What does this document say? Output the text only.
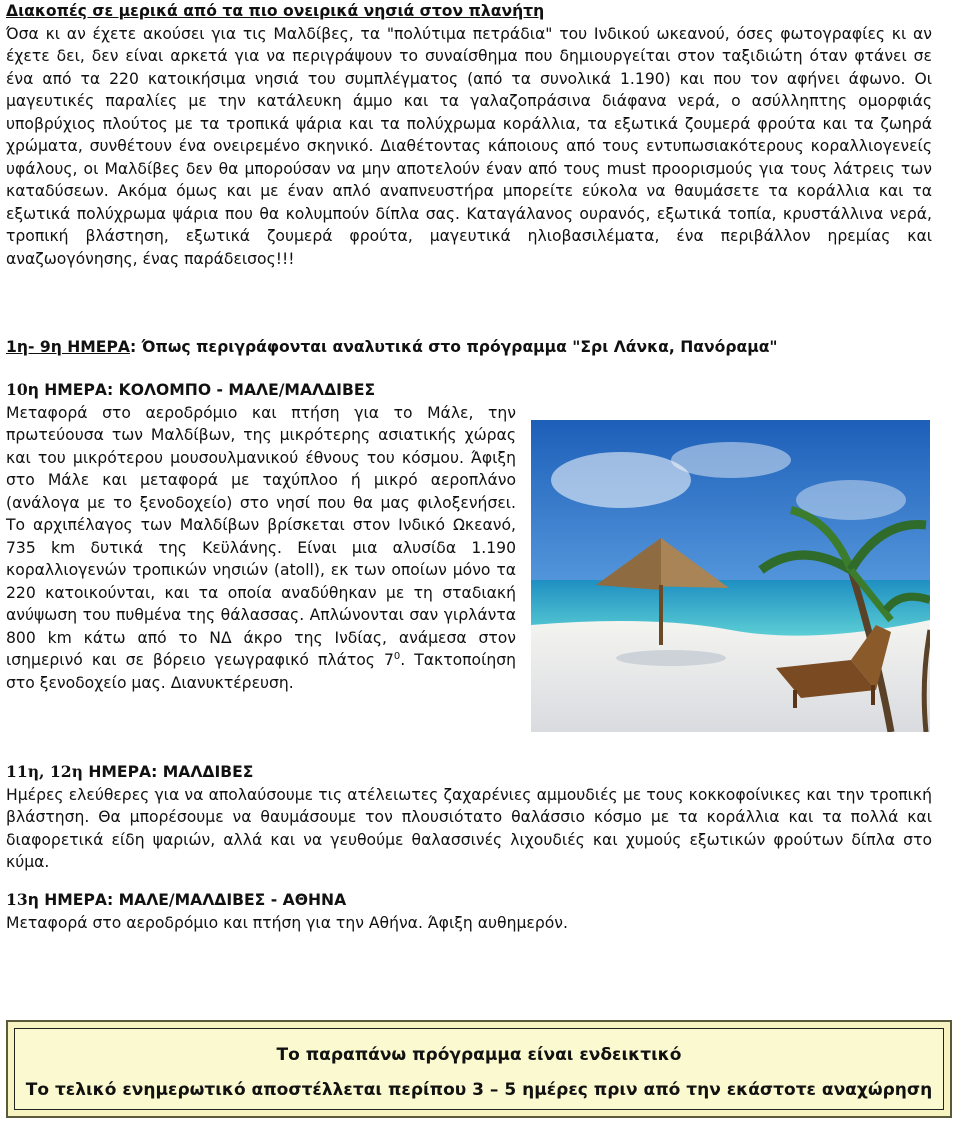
Διακοπές σε μερικά από τα πιο ονειρικά νησιά στον πλανήτη

Όσα κι αν έχετε ακούσει για τις Μαλδίβες, τα "πολύτιμα πετράδια" του Ινδικού ωκεανού, όσες φωτογραφίες κι αν έχετε δει, δεν είναι αρκετά για να περιγράψουν το συναίσθημα που δημιουργείται στον ταξιδιώτη όταν φτάνει σε ένα από τα 220 κατοικήσιμα νησιά του συμπλέγματος (από τα συνολικά 1.190) και που τον αφήνει άφωνο. Οι μαγευτικές παραλίες με την κατάλευκη άμμο και τα γαλαζοπράσινα διάφανα νερά, ο ασύλληπτης ομορφιάς υποβρύχιος πλούτος με τα τροπικά ψάρια και τα πολύχρωμα κοράλλια, τα εξωτικά ζουμερά φρούτα και τα ζωηρά χρώματα, συνθέτουν ένα ονειρεμένο σκηνικό. Διαθέτοντας κάποιους από τους εντυπωσιακότερους κοραλλιογενείς υφάλους, οι Μαλδίβες δεν θα μπορούσαν να μην αποτελούν έναν από τους must προορισμούς για τους λάτρεις των καταδύσεων. Ακόμα όμως και με έναν απλό αναπνευστήρα μπορείτε εύκολα να θαυμάσετε τα κοράλλια και τα εξωτικά πολύχρωμα ψάρια που θα κολυμπούν δίπλα σας. Καταγάλανος ουρανός, εξωτικά τοπία, κρυστάλλινα νερά, τροπική βλάστηση, εξωτικά ζουμερά φρούτα, μαγευτικά ηλιοβασιλέματα, ένα περιβάλλον ηρεμίας και αναζωογόνησης, ένας παράδεισος!!!

1η- 9η ΗΜΕΡΑ: Όπως περιγράφονται αναλυτικά στο πρόγραμμα "Σρι Λάνκα, Πανόραμα"

10η ΗΜΕΡΑ: ΚΟΛΟΜΠΟ - ΜΑΛΕ/ΜΑΛΔΙΒΕΣ

Μεταφορά στο αεροδρόμιο και πτήση για το Μάλε, την πρωτεύουσα των Μαλδίβων, της μικρότερης ασιατικής χώρας και του μικρότερου μουσουλμανικού έθνους του κόσμου. Άφιξη στο Μάλε και μεταφορά με ταχύπλοο ή μικρό αεροπλάνο (ανάλογα με το ξενοδοχείο) στο νησί που θα μας φιλοξενήσει. Το αρχιπέλαγος των Μαλδίβων βρίσκεται στον Ινδικό Ωκεανό, 735 km δυτικά της Κεϋλάνης. Είναι μια αλυσίδα 1.190 κοραλλιογενών τροπικών νησιών (atoll), εκ των οποίων μόνο τα 220 κατοικούνται, και τα οποία αναδύθηκαν με τη σταδιακή ανύψωση του πυθμένα της θάλασσας. Απλώνονται σαν γιρλάντα 800 km κάτω από το ΝΔ άκρο της Ινδίας, ανάμεσα στον ισημερινό και σε βόρειο γεωγραφικό πλάτος $7^0$. Τακτοποίηση στο ξενοδοχείο μας. Διανυκτέρευση.

11η, 12η ΗΜΕΡΑ: ΜΑΛΔΙΒΕΣ

Ημέρες ελεύθερες για να απολαύσουμε τις ατέλειωτες ζαχαρένιες αμμουδιές με τους κοκκοφοίνικες και την τροπική βλάστηση. Θα μπορέσουμε να θαυμάσουμε τον πλουσιότατο θαλάσσιο κόσμο με τα κοράλλια και τα πολλά και διαφορετικά είδη ψαριών, αλλά και να γευθούμε θαλασσινές λιχουδιές και χυμούς εξωτικών φρούτων δίπλα στο κύμα.

13η ΗΜΕΡΑ: ΜΑΛΕ/ΜΑΛΔΙΒΕΣ - ΑΘΗΝΑ

Μεταφορά στο αεροδρόμιο και πτήση για την Αθήνα. Άφιξη αυθημερόν.

Το παραπάνω πρόγραμμα είναι ενδεικτικό
Το τελικό ενημερωτικό αποστέλλεται περίπου 3 – 5 ημέρες πριν από την εκάστοτε αναχώρηση
